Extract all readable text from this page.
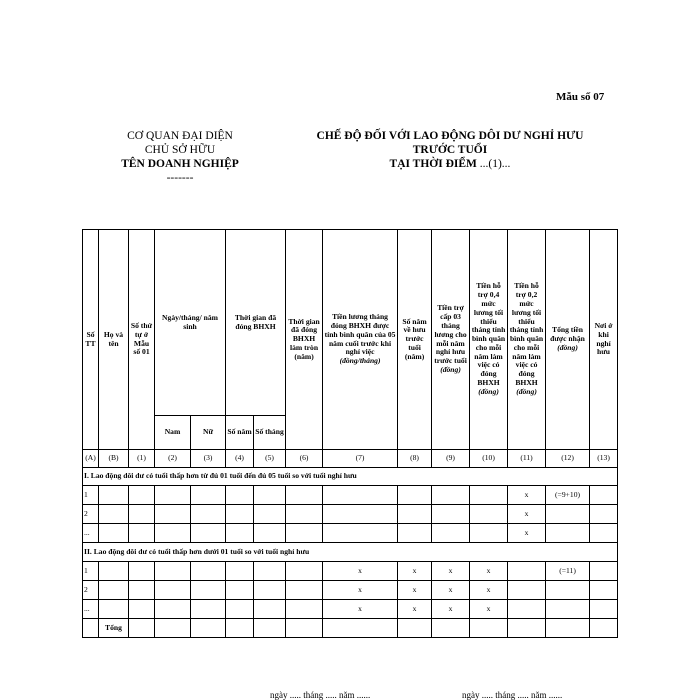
Mẫu số 07
CƠ QUAN ĐẠI DIỆN
CHỦ SỞ HỮU
TÊN DOANH NGHIỆP
-------
CHẾ ĐỘ ĐỐI VỚI LAO ĐỘNG DÔI DƯ NGHỈ HƯU
TRƯỚC TUỔI
TẠI THỜI ĐIỂM ...(1)...
Số TT	Họ và tên	Số thứ tự ở Mẫu số 01	Ngày/tháng/ năm sinh		Thời gian đã đóng BHXH		Thời gian đã đóng BHXH làm tròn (năm)	Tiền lương tháng đóng BHXH được tính bình quân của 05 năm cuối trước khi nghỉ việc
(đồng/tháng)	Số năm về hưu trước tuổi (năm)	Tiền trợ cấp 03 tháng lương cho mỗi năm nghỉ hưu trước tuổi (đồng)	Tiền hỗ trợ 0,4 mức lương tối thiểu tháng tính bình quân cho mỗi năm làm việc có đóng BHXH (đồng)	Tiền hỗ trợ 0,2 mức lương tối thiểu tháng tính bình quân cho mỗi năm làm việc có đóng BHXH (đồng)	Tổng tiền được nhận
(đồng)	Nơi ở khi nghỉ hưu
			Nam	Nữ	Số năm	Số tháng								
(A)	(B)	(1)	(2)	(3)	(4)	(5)	(6)	(7)	(8)	(9)	(10)	(11)	(12)	(13)
I. Lao động dôi dư có tuổi thấp hơn từ đủ 01 tuổi đến đủ 05 tuổi so với tuổi nghỉ hưu														
1												x	(=9+10)	
2												x		
...												x		
II. Lao động dôi dư có tuổi thấp hơn dưới 01 tuổi so với tuổi nghỉ hưu														
1								x	x	x	x		(=11)	
2								x	x	x	x			
...								x	x	x	x			
	Tổng													
ngày ..... tháng ..... năm ......	ngày ..... tháng ..... năm ......
